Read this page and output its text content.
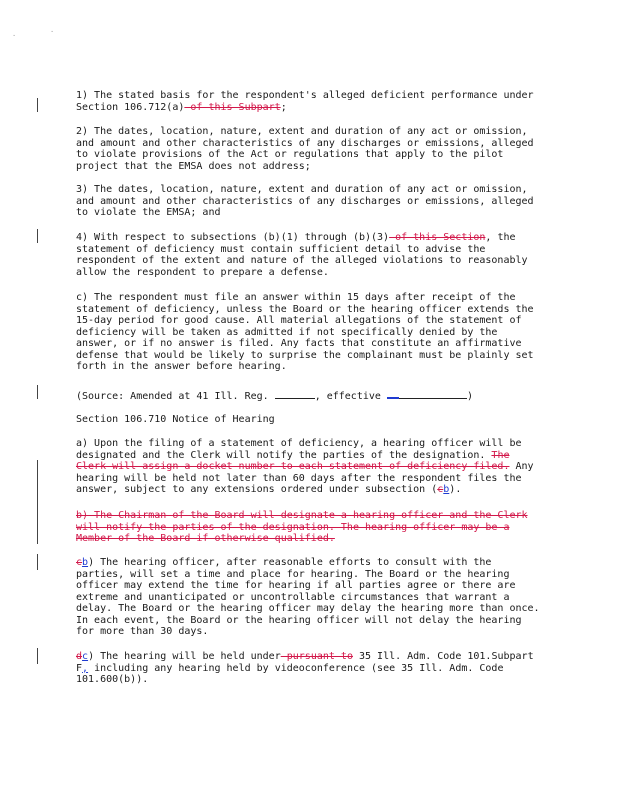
·	·
1) The stated basis for the respondent's alleged deficient performance under Section 106.712(a) of this Subpart;
2) The dates, location, nature, extent and duration of any act or omission, and amount and other characteristics of any discharges or emissions, alleged to violate provisions of the Act or regulations that apply to the pilot project that the EMSA does not address;
3) The dates, location, nature, extent and duration of any act or omission, and amount and other characteristics of any discharges or emissions, alleged to violate the EMSA; and
4) With respect to subsections (b)(1) through (b)(3) of this Section, the statement of deficiency must contain sufficient detail to advise the respondent of the extent and nature of the alleged violations to reasonably allow the respondent to prepare a defense.
c) The respondent must file an answer within 15 days after receipt of the statement of deficiency, unless the Board or the hearing officer extends the 15-day period for good cause. All material allegations of the statement of deficiency will be taken as admitted if not specifically denied by the answer, or if no answer is filed. Any facts that constitute an affirmative defense that would be likely to surprise the complainant must be plainly set forth in the answer before hearing.
(Source: Amended at 41 Ill. Reg.	, effective	)
Section 106.710 Notice of Hearing
a) Upon the filing of a statement of deficiency, a hearing officer will be designated and the Clerk will notify the parties of the designation. The Clerk will assign a docket number to each statement of deficiency filed. Any hearing will be held not later than 60 days after the respondent files the answer, subject to any extensions ordered under subsection (cb).
b) The Chairman of the Board will designate a hearing officer and the Clerk will notify the parties of the designation. The hearing officer may be a Member of the Board if otherwise qualified.
cb) The hearing officer, after reasonable efforts to consult with the parties, will set a time and place for hearing. The Board or the hearing officer may extend the time for hearing if all parties agree or there are extreme and unanticipated or uncontrollable circumstances that warrant a delay. The Board or the hearing officer may delay the hearing more than once. In each event, the Board or the hearing officer will not delay the hearing for more than 30 days.
dc) The hearing will be held under pursuant to 35 Ill. Adm. Code 101.Subpart F, including any hearing held by videoconference (see 35 Ill. Adm. Code 101.600(b)).
